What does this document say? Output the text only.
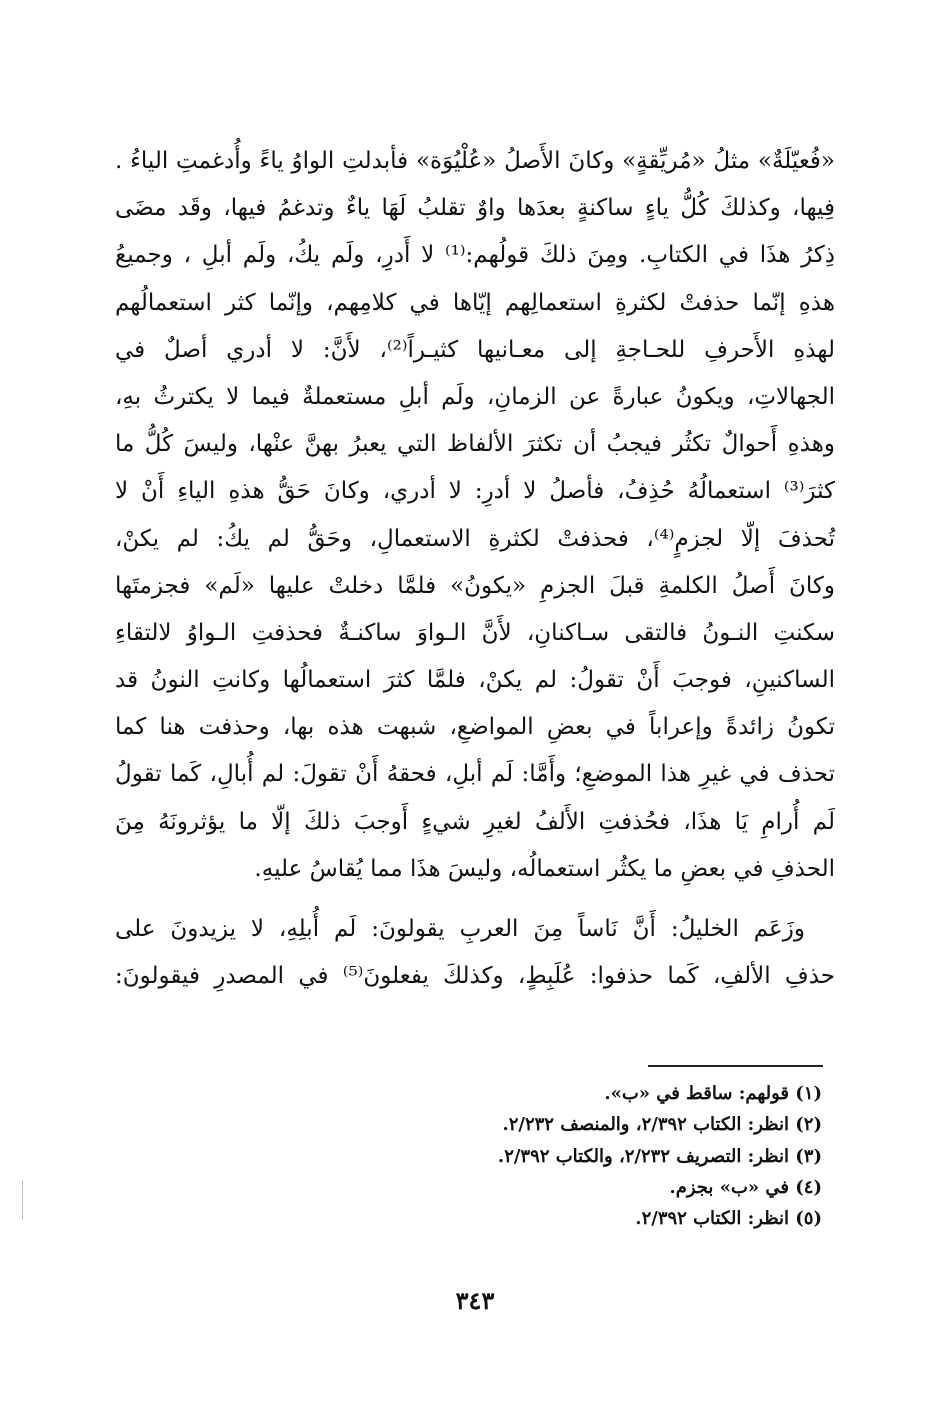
«فُعيّلَةٌ» مثلُ «مُريِّقةٍ» وكانَ الأَصلُ «عُلْيُوَة» فأبدلتِ الواوُ ياءً وأُدغمتِ الياءُ .
فِيها، وكذلكَ كُلُّ ياءٍ ساكنةٍ بعدَها واوٌ تقلبُ لَهَا ياءٌ وتدغمُ فيها، وقَد مضَى
ذِكرُ هذَا في الكتابِ. ومِنَ ذلكَ قولُهم:⁽¹⁾ لا أَدرِ، ولَم يكُ، ولَم أبلِ ، وجميعُ
هذهِ إنّما حذفتْ لكثرةِ استعمالِهم إيّاها في كلامِهم، وإنّما كثر استعمالُهم
لهذهِ الأَحرفِ للحـاجةِ إلى معـانيها كثيـراً⁽²⁾، لأَنَّ: لا أدري أصلٌ في
الجهالاتِ، ويكونُ عبارةً عن الزمانِ، ولَم أبلِ مستعملةٌ فيما لا يكترثُ بهِ،
وهذهِ أَحوالٌ تكثُر فيجبُ أن تكثرَ الألفاظ التي يعبرُ بهنَّ عنْها، وليسَ كُلُّ ما
كثرَ⁽³⁾ استعمالُهُ حُذِفُ، فأصلُ لا أدرِ: لا أدري، وكانَ حَقُّ هذهِ الياءِ أَنْ لا
تُحذفَ إلّا لجزمٍ⁽⁴⁾، فحذفتْ لكثرةِ الاستعمالِ، وحَقُّ لم يكُ: لم يكنْ،
وكانَ أَصلُ الكلمةِ قبلَ الجزمِ «يكونُ» فلمَّا دخلتْ عليها «لَم» فجزمتَها
سكنتِ النـونُ فالتقى سـاكنانِ، لأَنَّ الـواوَ ساكنـةٌ فحذفتِ الـواوُ لالتقاءِ
الساكنينِ، فوجبَ أَنْ تقولُ: لم يكنْ، فلمَّا كثرَ استعمالُها وكانتِ النونُ قد
تكونُ زائدةً وإعراباً في بعضِ المواضعِ، شبهت هذه بها، وحذفت هنا كما
تحذف في غيرِ هذا الموضعِ؛ وأَمَّا: لَم أبلِ، فحقهُ أَنْ تقولَ: لم أُبالِ، كَما تقولُ
لَم أُرامِ يَا هذَا، فحُذفتِ الأَلفُ لغيرِ شيءٍ أَوجبَ ذلكَ إلّا ما يؤثرونَهُ مِنَ
الحذفِ في بعضِ ما يكثُر استعمالُه، وليسَ هذَا مما يُقاسُ عليهِ.
وزَعَم الخليلُ: أَنَّ نَاساً مِنَ العربِ يقولونَ: لَم أُبلِهِ، لا يزيدونَ على
حذفِ الألفِ، كَما حذفوا: عُلَبِطٍ، وكذلكَ يفعلونَ⁽⁵⁾ في المصدرِ فيقولونَ:
(١) قولهم: ساقط في «ب».
(٢) انظر: الكتاب ٢/٣٩٢، والمنصف ٢/٢٣٢.
(٣) انظر: التصريف ٢/٢٣٢، والكتاب ٢/٣٩٢.
(٤) في «ب» بجزم.
(٥) انظر: الكتاب ٢/٣٩٢.
٣٤٣
